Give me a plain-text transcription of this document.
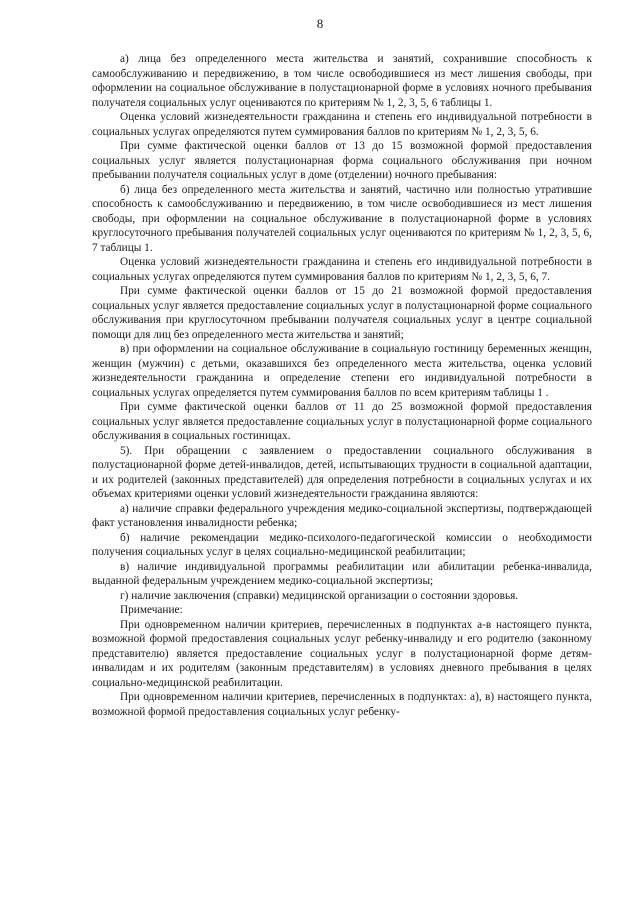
8

а) лица без определенного места жительства и занятий, сохранившие способность к самообслуживанию и передвижению, в том числе освободившиеся из мест лишения свободы, при оформлении на социальное обслуживание в полустационарной форме в условиях ночного пребывания получателя социальных услуг оцениваются по критериям № 1, 2, 3, 5, 6 таблицы 1.

Оценка условий жизнедеятельности гражданина и степень его индивидуальной потребности в социальных услугах определяются путем суммирования баллов по критериям № 1, 2, 3, 5, 6.

При сумме фактической оценки баллов от 13 до 15 возможной формой предоставления социальных услуг является полустационарная форма социального обслуживания при ночном пребывании получателя социальных услуг в доме (отделении) ночного пребывания:

б) лица без определенного места жительства и занятий, частично или полностью утратившие способность к самообслуживанию и передвижению, в том числе освободившиеся из мест лишения свободы, при оформлении на социальное обслуживание в полустационарной форме в условиях круглосуточного пребывания получателей социальных услуг оцениваются по критериям № 1, 2, 3, 5, 6, 7 таблицы 1.

Оценка условий жизнедеятельности гражданина и степень его индивидуальной потребности в социальных услугах определяются путем суммирования баллов по критериям № 1, 2, 3, 5, 6, 7.

При сумме фактической оценки баллов от 15 до 21 возможной формой предоставления социальных услуг является предоставление социальных услуг в полустационарной форме социального обслуживания при круглосуточном пребывании получателя социальных услуг в центре социальной помощи для лиц без определенного места жительства и занятий;

в) при оформлении на социальное обслуживание в социальную гостиницу беременных женщин, женщин (мужчин) с детьми, оказавшихся без определенного места жительства, оценка условий жизнедеятельности гражданина и определение степени его индивидуальной потребности в социальных услугах определяется путем суммирования баллов по всем критериям таблицы 1 .

При сумме фактической оценки баллов от 11 до 25 возможной формой предоставления социальных услуг является предоставление социальных услуг в полустационарной форме социального обслуживания в социальных гостиницах.

5). При обращении с заявлением о предоставлении социального обслуживания в полустационарной форме детей-инвалидов, детей, испытывающих трудности в социальной адаптации, и их родителей (законных представителей) для определения потребности в социальных услугах и их объемах критериями оценки условий жизнедеятельности гражданина являются:

а) наличие справки федерального учреждения медико-социальной экспертизы, подтверждающей факт установления инвалидности ребенка;

б) наличие рекомендации медико-психолого-педагогической комиссии о необходимости получения социальных услуг в целях социально-медицинской реабилитации;

в) наличие индивидуальной программы реабилитации или абилитации ребенка-инвалида, выданной федеральным учреждением медико-социальной экспертизы;

г) наличие заключения (справки) медицинской организации о состоянии здоровья.

Примечание:

При одновременном наличии критериев, перечисленных в подпунктах а-в настоящего пункта, возможной формой предоставления социальных услуг ребенку-инвалиду и его родителю (законному представителю) является предоставление социальных услуг в полустационарной форме детям-инвалидам и их родителям (законным представителям) в условиях дневного пребывания в целях социально-медицинской реабилитации.

При одновременном наличии критериев, перечисленных в подпунктах: а), в) настоящего пункта, возможной формой предоставления социальных услуг ребенку-
